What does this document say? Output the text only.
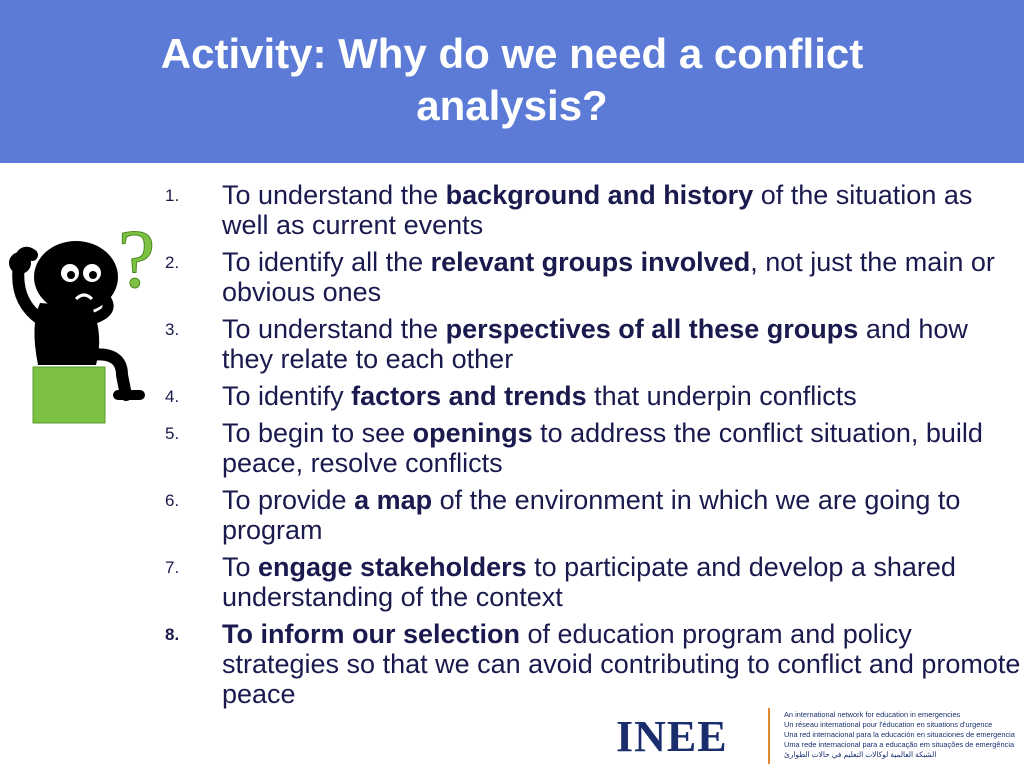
Activity: Why do we need a conflict analysis?
?
1. To understand the background and history of the situation as well as current events
2. To identify all the relevant groups involved, not just the main or obvious ones
3. To understand the perspectives of all these groups and how they relate to each other
4. To identify factors and trends that underpin conflicts
5. To begin to see openings to address the conflict situation, build peace, resolve conflicts
6. To provide a map of the environment in which we are going to program
7. To engage stakeholders to participate and develop a shared understanding of the context
8. To inform our selection of education program and policy strategies so that we can avoid contributing to conflict and promote peace
INEE	An international network for education in emergencies
Un réseau international pour l'éducation en situations d'urgence
Una red internacional para la educación en situaciones de emergencia
Uma rede internacional para a educação em situações de emergência
الشبكة العالمية لوكالات التعليم في حالات الطوارئ
